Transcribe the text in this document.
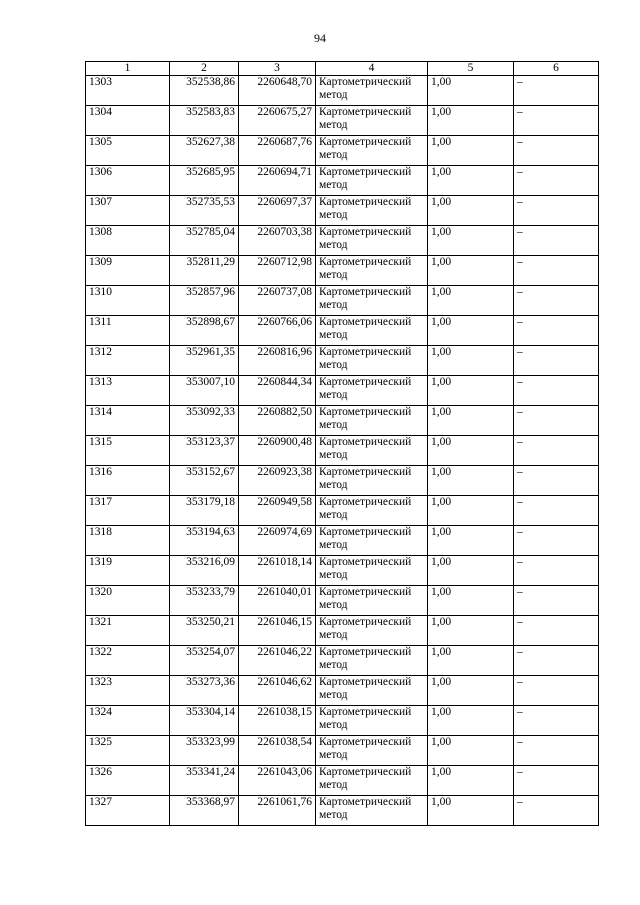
94
1	2	3	4	5	6
1303	352538,86	2260648,70	Картометрический метод	1,00	–
1304	352583,83	2260675,27	Картометрический метод	1,00	–
1305	352627,38	2260687,76	Картометрический метод	1,00	–
1306	352685,95	2260694,71	Картометрический метод	1,00	–
1307	352735,53	2260697,37	Картометрический метод	1,00	–
1308	352785,04	2260703,38	Картометрический метод	1,00	–
1309	352811,29	2260712,98	Картометрический метод	1,00	–
1310	352857,96	2260737,08	Картометрический метод	1,00	–
1311	352898,67	2260766,06	Картометрический метод	1,00	–
1312	352961,35	2260816,96	Картометрический метод	1,00	–
1313	353007,10	2260844,34	Картометрический метод	1,00	–
1314	353092,33	2260882,50	Картометрический метод	1,00	–
1315	353123,37	2260900,48	Картометрический метод	1,00	–
1316	353152,67	2260923,38	Картометрический метод	1,00	–
1317	353179,18	2260949,58	Картометрический метод	1,00	–
1318	353194,63	2260974,69	Картометрический метод	1,00	–
1319	353216,09	2261018,14	Картометрический метод	1,00	–
1320	353233,79	2261040,01	Картометрический метод	1,00	–
1321	353250,21	2261046,15	Картометрический метод	1,00	–
1322	353254,07	2261046,22	Картометрический метод	1,00	–
1323	353273,36	2261046,62	Картометрический метод	1,00	–
1324	353304,14	2261038,15	Картометрический метод	1,00	–
1325	353323,99	2261038,54	Картометрический метод	1,00	–
1326	353341,24	2261043,06	Картометрический метод	1,00	–
1327	353368,97	2261061,76	Картометрический метод	1,00	–
